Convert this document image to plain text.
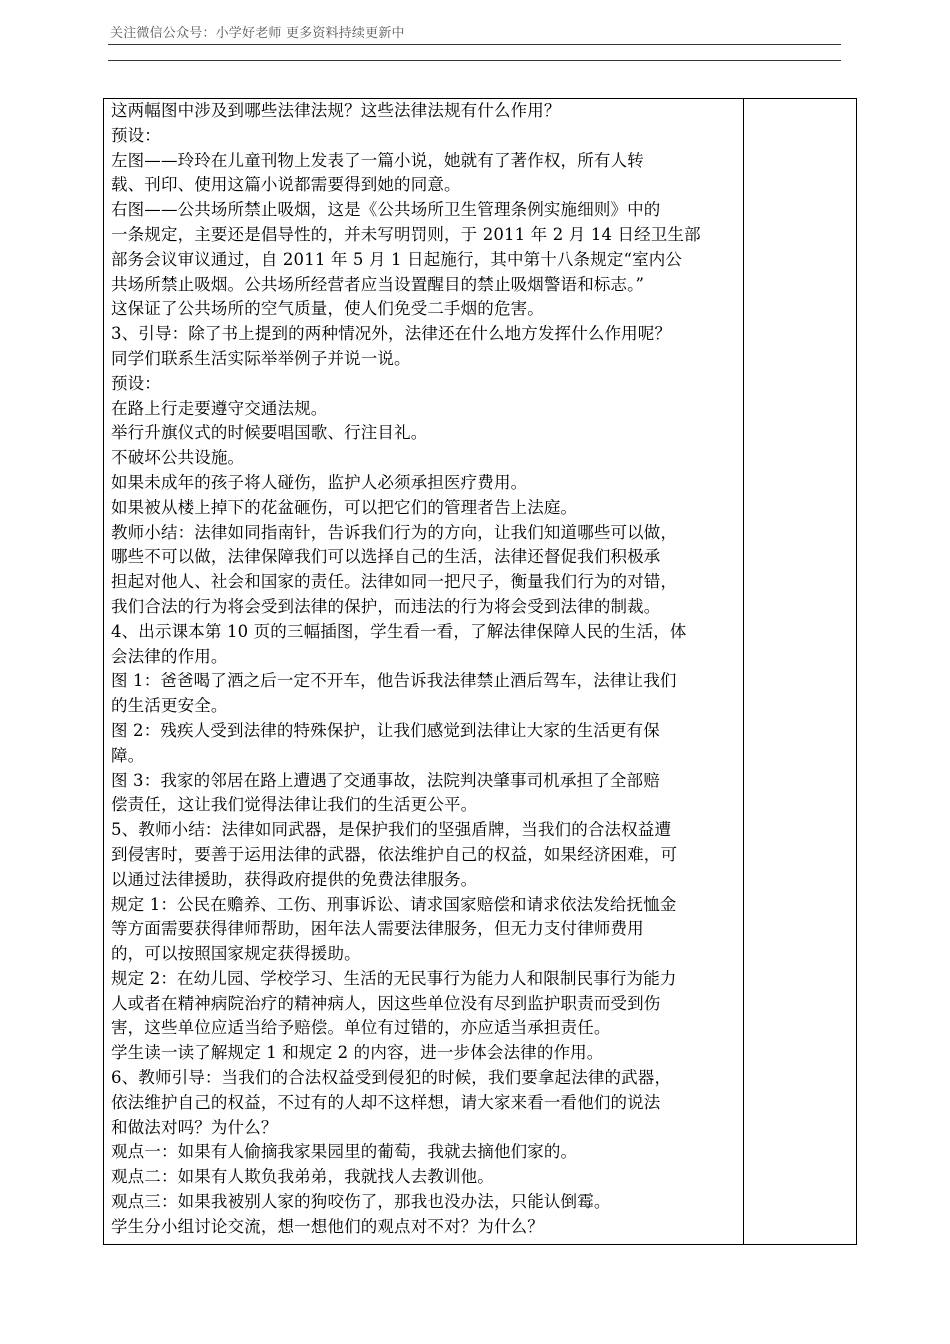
关注微信公众号：小学好老师 更多资料持续更新中
这两幅图中涉及到哪些法律法规？这些法律法规有什么作用？
预设：
左图——玲玲在儿童刊物上发表了一篇小说，她就有了著作权，所有人转
载、刊印、使用这篇小说都需要得到她的同意。
右图——公共场所禁止吸烟，这是《公共场所卫生管理条例实施细则》中的
一条规定，主要还是倡导性的，并未写明罚则，于 2011 年 2 月 14 日经卫生部
部务会议审议通过，自 2011 年 5 月 1 日起施行，其中第十八条规定“室内公
共场所禁止吸烟。公共场所经营者应当设置醒目的禁止吸烟警语和标志。”
这保证了公共场所的空气质量，使人们免受二手烟的危害。
3、引导：除了书上提到的两种情况外，法律还在什么地方发挥什么作用呢？
同学们联系生活实际举举例子并说一说。
预设：
在路上行走要遵守交通法规。
举行升旗仪式的时候要唱国歌、行注目礼。
不破坏公共设施。
如果未成年的孩子将人碰伤，监护人必须承担医疗费用。
如果被从楼上掉下的花盆砸伤，可以把它们的管理者告上法庭。
教师小结：法律如同指南针，告诉我们行为的方向，让我们知道哪些可以做，
哪些不可以做，法律保障我们可以选择自己的生活，法律还督促我们积极承
担起对他人、社会和国家的责任。法律如同一把尺子，衡量我们行为的对错，
我们合法的行为将会受到法律的保护，而违法的行为将会受到法律的制裁。
4、出示课本第 10 页的三幅插图，学生看一看，了解法律保障人民的生活，体
会法律的作用。
图 1：爸爸喝了酒之后一定不开车，他告诉我法律禁止酒后驾车，法律让我们
的生活更安全。
图 2：残疾人受到法律的特殊保护，让我们感觉到法律让大家的生活更有保
障。
图 3：我家的邻居在路上遭遇了交通事故，法院判决肇事司机承担了全部赔
偿责任，这让我们觉得法律让我们的生活更公平。
5、教师小结：法律如同武器，是保护我们的坚强盾牌，当我们的合法权益遭
到侵害时，要善于运用法律的武器，依法维护自己的权益，如果经济困难，可
以通过法律援助，获得政府提供的免费法律服务。
规定 1：公民在赡养、工伤、刑事诉讼、请求国家赔偿和请求依法发给抚恤金
等方面需要获得律师帮助，困年法人需要法律服务，但无力支付律师费用
的，可以按照国家规定获得援助。
规定 2：在幼儿园、学校学习、生活的无民事行为能力人和限制民事行为能力
人或者在精神病院治疗的精神病人，因这些单位没有尽到监护职责而受到伤
害，这些单位应适当给予赔偿。单位有过错的，亦应适当承担责任。
学生读一读了解规定 1 和规定 2 的内容，进一步体会法律的作用。
6、教师引导：当我们的合法权益受到侵犯的时候，我们要拿起法律的武器，
依法维护自己的权益，不过有的人却不这样想，请大家来看一看他们的说法
和做法对吗？为什么？
观点一：如果有人偷摘我家果园里的葡萄，我就去摘他们家的。
观点二：如果有人欺负我弟弟，我就找人去教训他。
观点三：如果我被别人家的狗咬伤了，那我也没办法，只能认倒霉。
学生分小组讨论交流，想一想他们的观点对不对？为什么？
